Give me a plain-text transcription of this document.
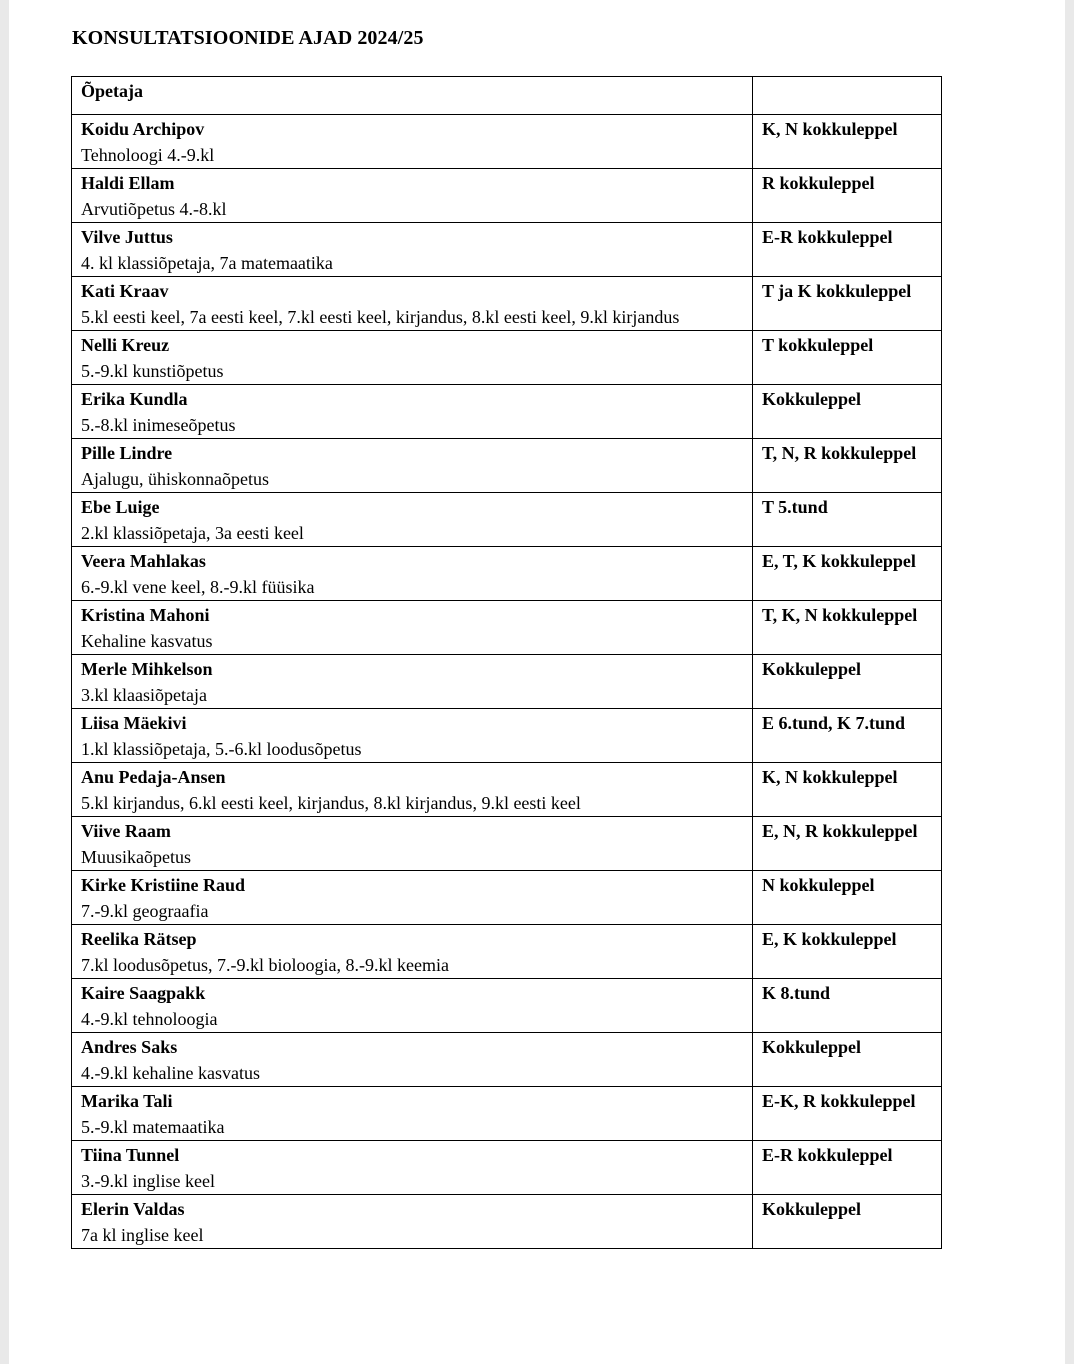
KONSULTATSIOONIDE AJAD 2024/25
Õpetaja	

Koidu Archipov
Tehnoloogi 4.-9.kl	K, N kokkuleppel

Haldi Ellam
Arvutiõpetus 4.-8.kl	R kokkuleppel

Vilve Juttus
4. kl klassiõpetaja, 7a matemaatika	E-R kokkuleppel

Kati Kraav
5.kl eesti keel, 7a eesti keel, 7.kl eesti keel, kirjandus, 8.kl eesti keel, 9.kl kirjandus	T ja K kokkuleppel

Nelli Kreuz
5.-9.kl kunstiõpetus	T kokkuleppel

Erika Kundla
5.-8.kl inimeseõpetus	Kokkuleppel

Pille Lindre
Ajalugu, ühiskonnaõpetus	T, N, R kokkuleppel

Ebe Luige
2.kl klassiõpetaja, 3a eesti keel	T 5.tund

Veera Mahlakas
6.-9.kl vene keel, 8.-9.kl füüsika	E, T, K kokkuleppel

Kristina Mahoni
Kehaline kasvatus	T, K, N kokkuleppel

Merle Mihkelson
3.kl klaasiõpetaja	Kokkuleppel

Liisa Mäekivi
1.kl klassiõpetaja, 5.-6.kl loodusõpetus	E 6.tund, K 7.tund

Anu Pedaja-Ansen
5.kl kirjandus, 6.kl eesti keel, kirjandus, 8.kl kirjandus, 9.kl eesti keel	K, N kokkuleppel

Viive Raam
Muusikaõpetus	E, N, R kokkuleppel

Kirke Kristiine Raud
7.-9.kl geograafia	N kokkuleppel

Reelika Rätsep
7.kl loodusõpetus, 7.-9.kl bioloogia, 8.-9.kl keemia	E, K kokkuleppel

Kaire Saagpakk
4.-9.kl tehnoloogia	K 8.tund

Andres Saks
4.-9.kl kehaline kasvatus	Kokkuleppel

Marika Tali
5.-9.kl matemaatika	E-K, R kokkuleppel

Tiina Tunnel
3.-9.kl inglise keel	E-R kokkuleppel

Elerin Valdas
7a kl inglise keel	Kokkuleppel
